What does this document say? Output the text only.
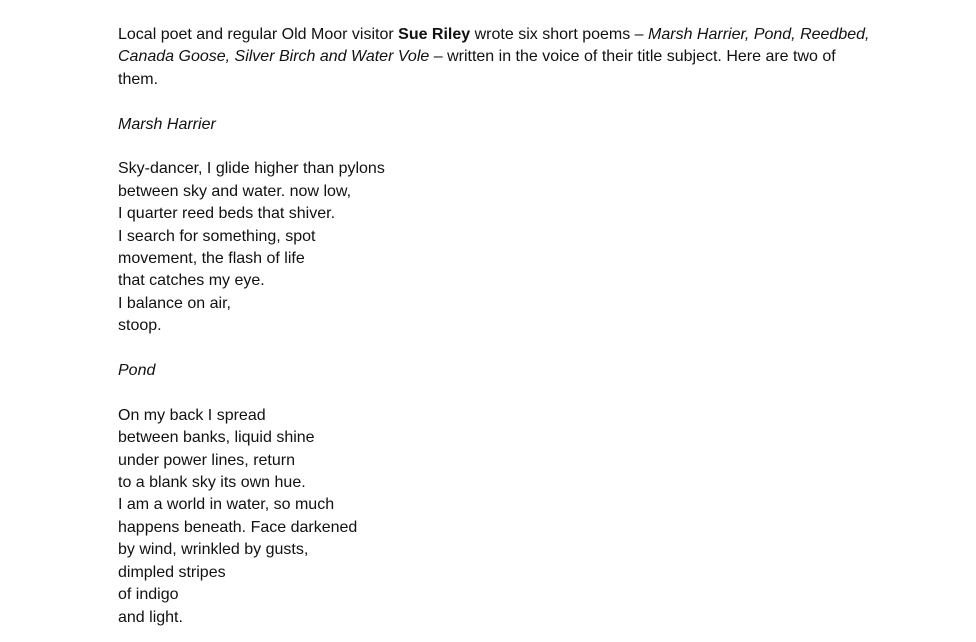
Local poet and regular Old Moor visitor Sue Riley wrote six short poems – Marsh Harrier, Pond, Reedbed, Canada Goose, Silver Birch and Water Vole – written in the voice of their title subject. Here are two of them.

Marsh Harrier

Sky-dancer, I glide higher than pylons
between sky and water. now low,
I quarter reed beds that shiver.
I search for something, spot
movement, the flash of life
that catches my eye.
I balance on air,
stoop.

Pond

On my back I spread
between banks, liquid shine
under power lines, return
to a blank sky its own hue.
I am a world in water, so much
happens beneath. Face darkened
by wind, wrinkled by gusts,
dimpled stripes
of indigo
and light.
